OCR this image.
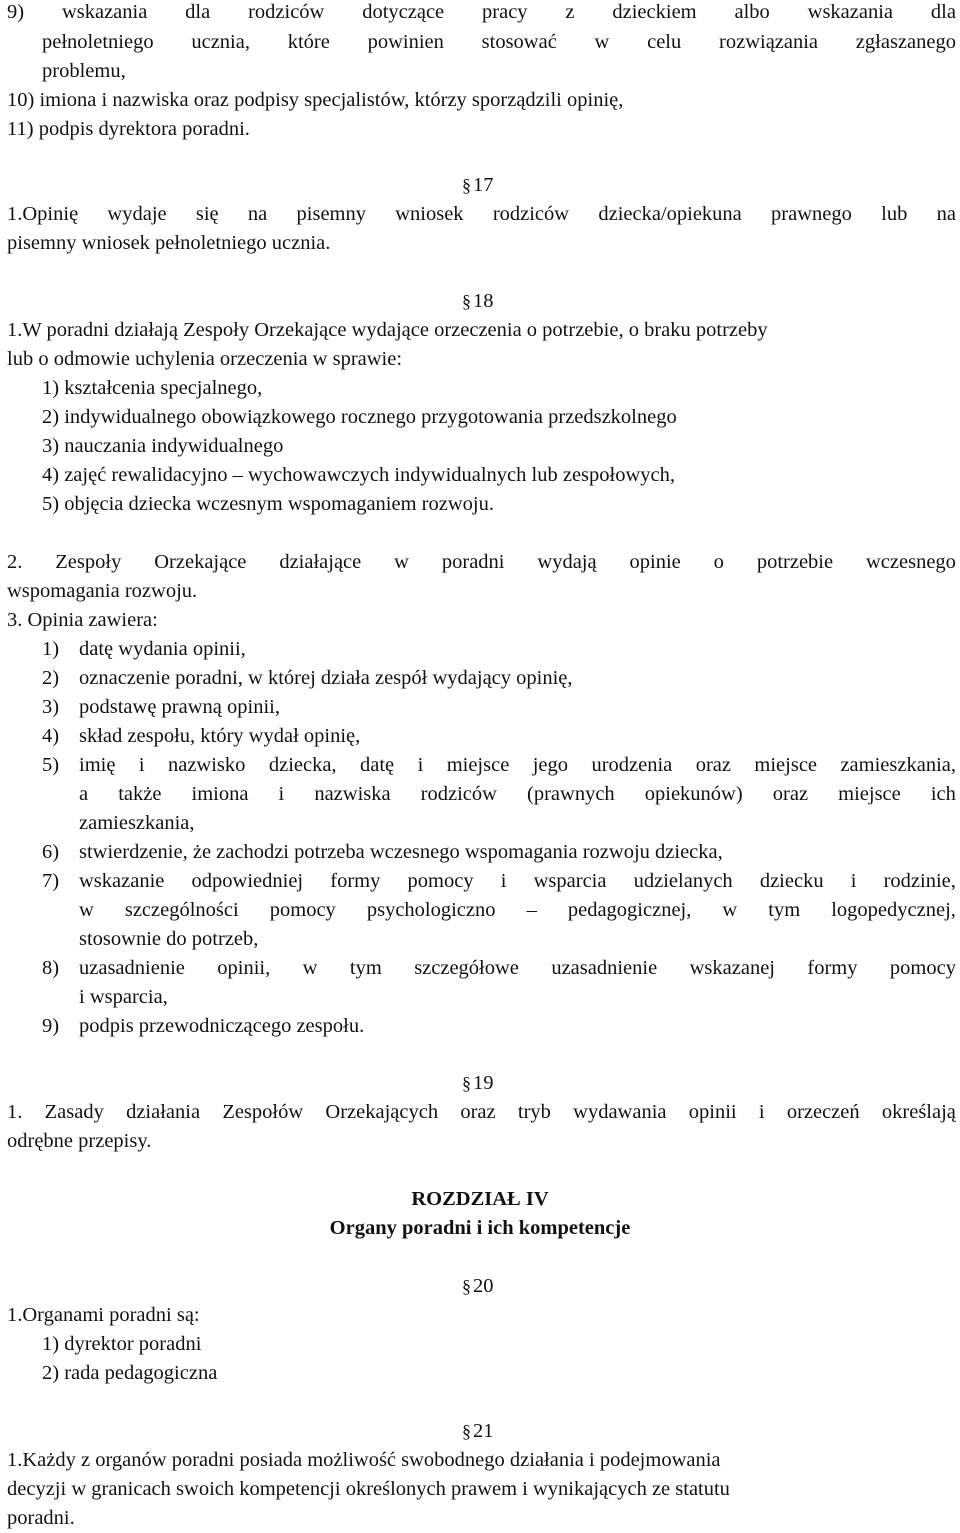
9) wskazania dla rodziców dotyczące pracy z dzieckiem albo wskazania dla
pełnoletniego ucznia, które powinien stosować w celu rozwiązania zgłaszanego
problemu,
10) imiona i nazwiska oraz podpisy specjalistów, którzy sporządzili opinię,
11) podpis dyrektora poradni.
§17
1.Opinię wydaje się na pisemny wniosek rodziców dziecka/opiekuna prawnego lub na
pisemny wniosek pełnoletniego ucznia.
§18
1.W poradni działają Zespoły Orzekające wydające orzeczenia o potrzebie, o braku potrzeby
lub o odmowie uchylenia orzeczenia w sprawie:
1) kształcenia specjalnego,
2) indywidualnego obowiązkowego rocznego przygotowania przedszkolnego
3) nauczania indywidualnego
4) zajęć rewalidacyjno – wychowawczych indywidualnych lub zespołowych,
5) objęcia dziecka wczesnym wspomaganiem rozwoju.
2. Zespoły Orzekające działające w poradni wydają opinie o potrzebie wczesnego
wspomagania rozwoju.
3. Opinia zawiera:
1) datę wydania opinii,
2) oznaczenie poradni, w której działa zespół wydający opinię,
3) podstawę prawną opinii,
4) skład zespołu, który wydał opinię,
5) imię i nazwisko dziecka, datę i miejsce jego urodzenia oraz miejsce zamieszkania,
a także imiona i nazwiska rodziców (prawnych opiekunów) oraz miejsce ich
zamieszkania,
6) stwierdzenie, że zachodzi potrzeba wczesnego wspomagania rozwoju dziecka,
7) wskazanie odpowiedniej formy pomocy i wsparcia udzielanych dziecku i rodzinie,
w szczególności pomocy psychologiczno – pedagogicznej, w tym logopedycznej,
stosownie do potrzeb,
8) uzasadnienie opinii, w tym szczegółowe uzasadnienie wskazanej formy pomocy
i wsparcia,
9) podpis przewodniczącego zespołu.
§19
1. Zasady działania Zespołów Orzekających oraz tryb wydawania opinii i orzeczeń określają
odrębne przepisy.
ROZDZIAŁ IV
Organy poradni i ich kompetencje
§20
1.Organami poradni są:
1) dyrektor poradni
2) rada pedagogiczna
§21
1.Każdy z organów poradni posiada możliwość swobodnego działania i podejmowania
decyzji w granicach swoich kompetencji określonych prawem i wynikających ze statutu
poradni.
